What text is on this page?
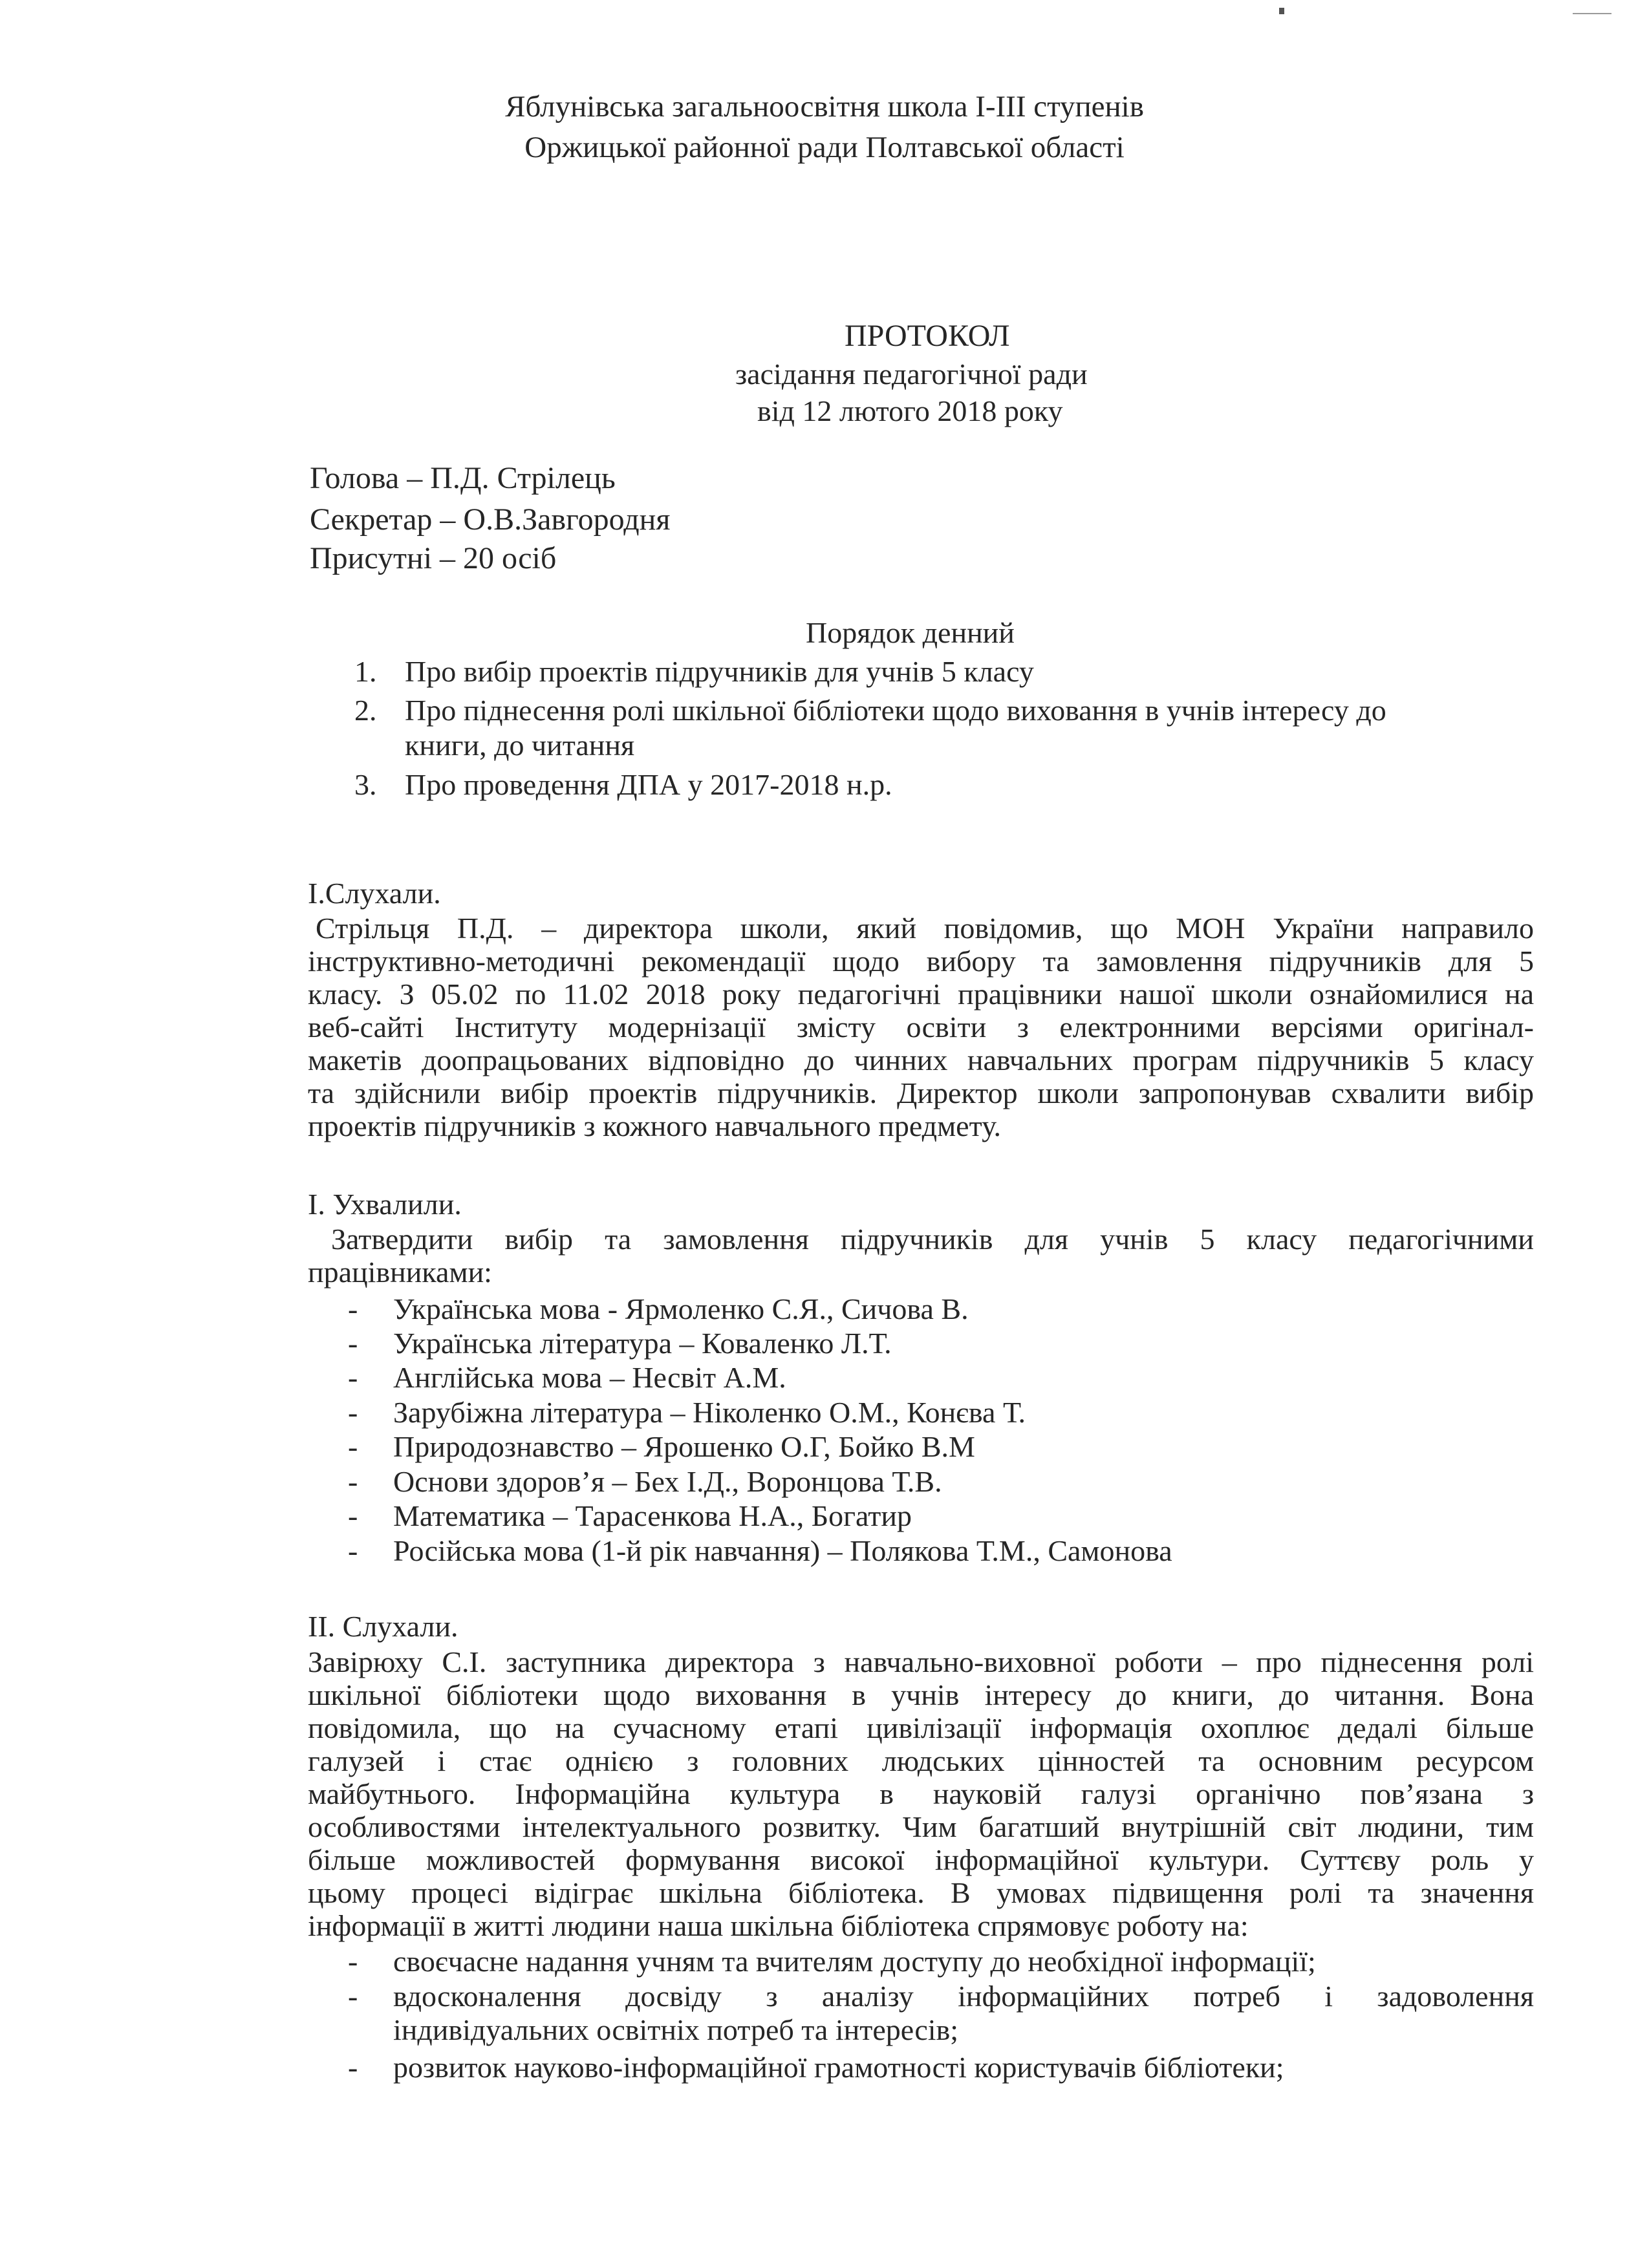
Яблунівська загальноосвітня школа І-ІІІ ступенів
Оржицької районної ради Полтавської області
ПРОТОКОЛ
засідання педагогічної ради
від 12 лютого 2018 року
Голова – П.Д. Стрілець
Секретар – О.В.Завгородня
Присутні – 20 осіб
Порядок денний
1. Про вибір проектів підручників для учнів 5 класу
2. Про піднесення ролі шкільної бібліотеки щодо виховання в учнів інтересу до
книги, до читання
3. Про проведення ДПА у 2017-2018 н.р.
І.Слухали.
Стрільця П.Д. – директора школи, який повідомив, що МОН України направило
інструктивно-методичні рекомендації щодо вибору та замовлення підручників для 5
класу. З 05.02 по 11.02 2018 року педагогічні працівники нашої школи ознайомилися на
веб-сайті Інституту модернізації змісту освіти з електронними версіями оригінал-
макетів доопрацьованих відповідно до чинних навчальних програм підручників 5 класу
та здійснили вибір проектів підручників. Директор школи запропонував схвалити вибір
проектів підручників з кожного навчального предмету.
І. Ухвалили.
Затвердити вибір та замовлення підручників для учнів 5 класу педагогічними
працівниками:
- Українська мова - Ярмоленко С.Я., Сичова В.
- Українська література – Коваленко Л.Т.
- Англійська мова – Несвіт А.М.
- Зарубіжна література – Ніколенко О.М., Конєва Т.
- Природознавство – Ярошенко О.Г, Бойко В.М
- Основи здоров’я – Бех І.Д., Воронцова Т.В.
- Математика – Тарасенкова Н.А., Богатир
- Російська мова (1-й рік навчання) – Полякова Т.М., Самонова
ІІ. Слухали.
Завірюху С.І. заступника директора з навчально-виховної роботи – про піднесення ролі
шкільної бібліотеки щодо виховання в учнів інтересу до книги, до читання. Вона
повідомила, що на сучасному етапі цивілізації інформація охоплює дедалі більше
галузей і стає однією з головних людських цінностей та основним ресурсом
майбутнього. Інформаційна культура в науковій галузі органічно пов’язана з
особливостями інтелектуального розвитку. Чим багатший внутрішній світ людини, тим
більше можливостей формування високої інформаційної культури. Суттєву роль у
цьому процесі відіграє шкільна бібліотека. В умовах підвищення ролі та значення
інформації в житті людини наша шкільна бібліотека спрямовує роботу на:
- своєчасне надання учням та вчителям доступу до необхідної інформації;
- вдосконалення досвіду з аналізу інформаційних потреб і задоволення
індивідуальних освітніх потреб та інтересів;
- розвиток науково-інформаційної грамотності користувачів бібліотеки;
